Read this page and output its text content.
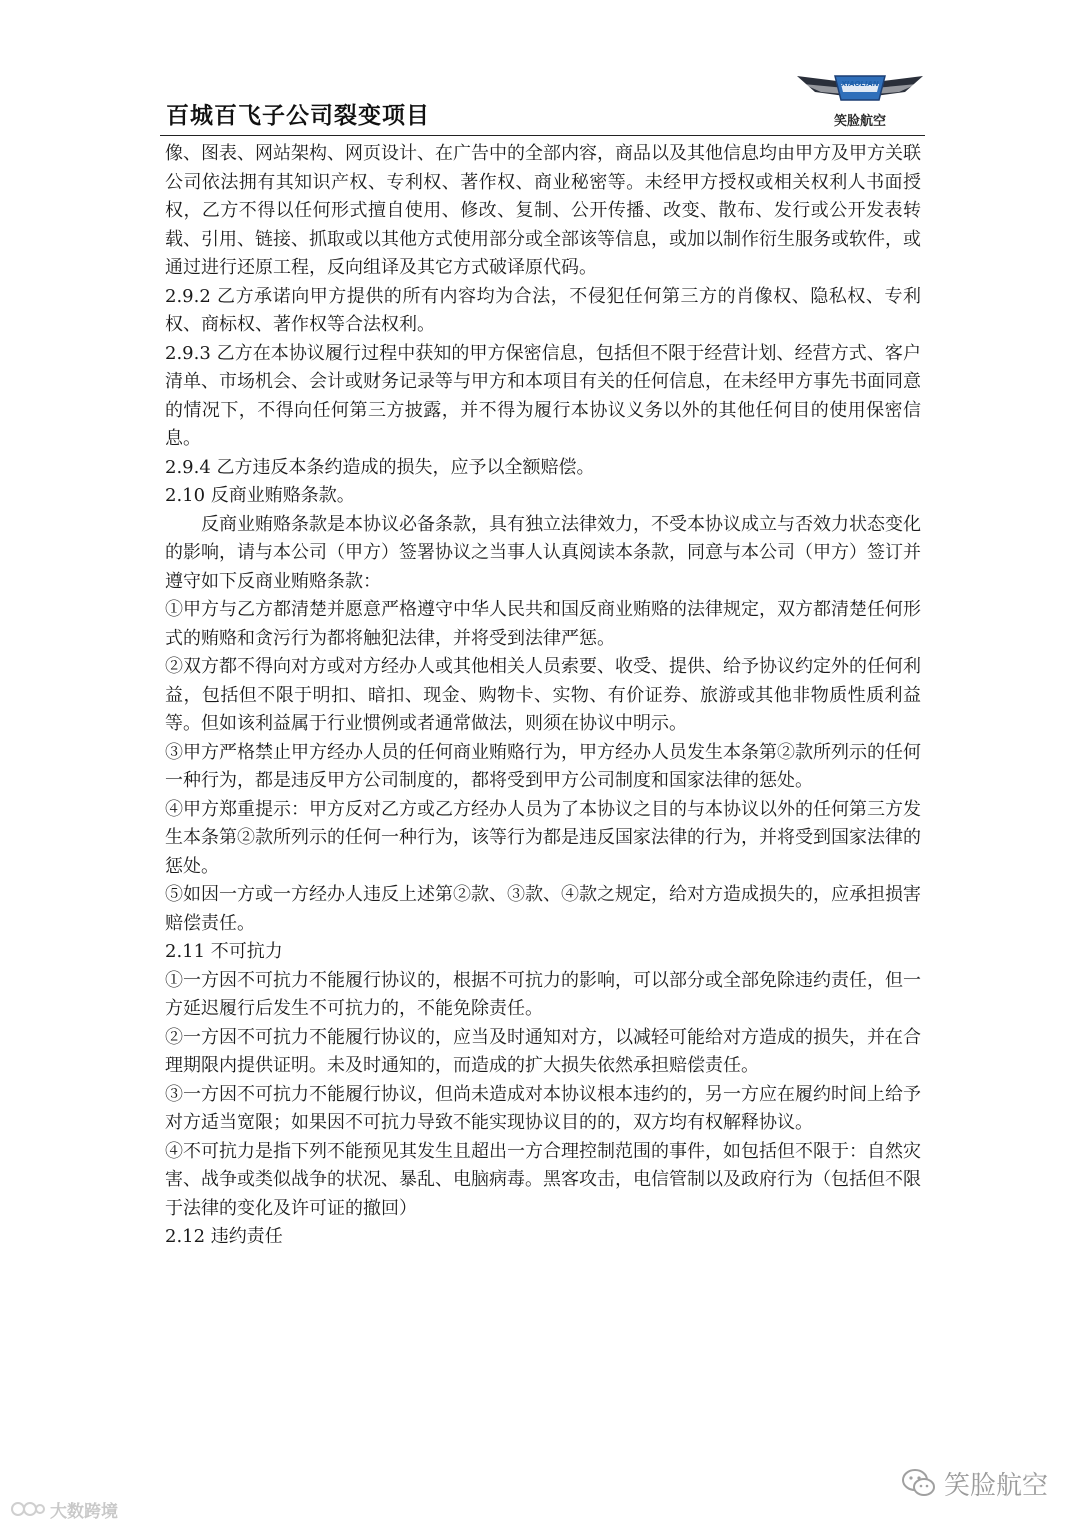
百城百飞子公司裂变项目
XIAOLIAN
笑脸航空

像、图表、网站架构、网页设计、在广告中的全部内容，商品以及其他信息均由甲方及甲方关联公司依法拥有其知识产权、专利权、著作权、商业秘密等。未经甲方授权或相关权利人书面授权，乙方不得以任何形式擅自使用、修改、复制、公开传播、改变、散布、发行或公开发表转载、引用、链接、抓取或以其他方式使用部分或全部该等信息，或加以制作衍生服务或软件，或通过进行还原工程，反向组译及其它方式破译原代码。

2.9.2 乙方承诺向甲方提供的所有内容均为合法，不侵犯任何第三方的肖像权、隐私权、专利权、商标权、著作权等合法权利。

2.9.3 乙方在本协议履行过程中获知的甲方保密信息，包括但不限于经营计划、经营方式、客户清单、市场机会、会计或财务记录等与甲方和本项目有关的任何信息，在未经甲方事先书面同意的情况下，不得向任何第三方披露，并不得为履行本协议义务以外的其他任何目的使用保密信息。

2.9.4 乙方违反本条约造成的损失，应予以全额赔偿。

2.10 反商业贿赂条款。

反商业贿赂条款是本协议必备条款，具有独立法律效力，不受本协议成立与否效力状态变化的影响，请与本公司（甲方）签署协议之当事人认真阅读本条款，同意与本公司（甲方）签订并遵守如下反商业贿赂条款：

①甲方与乙方都清楚并愿意严格遵守中华人民共和国反商业贿赂的法律规定，双方都清楚任何形式的贿赂和贪污行为都将触犯法律，并将受到法律严惩。

②双方都不得向对方或对方经办人或其他相关人员索要、收受、提供、给予协议约定外的任何利益，包括但不限于明扣、暗扣、现金、购物卡、实物、有价证券、旅游或其他非物质性质利益等。但如该利益属于行业惯例或者通常做法，则须在协议中明示。

③甲方严格禁止甲方经办人员的任何商业贿赂行为，甲方经办人员发生本条第②款所列示的任何一种行为，都是违反甲方公司制度的，都将受到甲方公司制度和国家法律的惩处。

④甲方郑重提示：甲方反对乙方或乙方经办人员为了本协议之目的与本协议以外的任何第三方发生本条第②款所列示的任何一种行为，该等行为都是违反国家法律的行为，并将受到国家法律的惩处。

⑤如因一方或一方经办人违反上述第②款、③款、④款之规定，给对方造成损失的，应承担损害赔偿责任。

2.11 不可抗力

①一方因不可抗力不能履行协议的，根据不可抗力的影响，可以部分或全部免除违约责任，但一方延迟履行后发生不可抗力的，不能免除责任。

②一方因不可抗力不能履行协议的，应当及时通知对方，以减轻可能给对方造成的损失，并在合理期限内提供证明。未及时通知的，而造成的扩大损失依然承担赔偿责任。

③一方因不可抗力不能履行协议，但尚未造成对本协议根本违约的，另一方应在履约时间上给予对方适当宽限；如果因不可抗力导致不能实现协议目的的，双方均有权解释协议。

④不可抗力是指下列不能预见其发生且超出一方合理控制范围的事件，如包括但不限于：自然灾害、战争或类似战争的状况、暴乱、电脑病毒。黑客攻击，电信管制以及政府行为（包括但不限于法律的变化及许可证的撤回）

2.12 违约责任

笑脸航空
大数跨境
